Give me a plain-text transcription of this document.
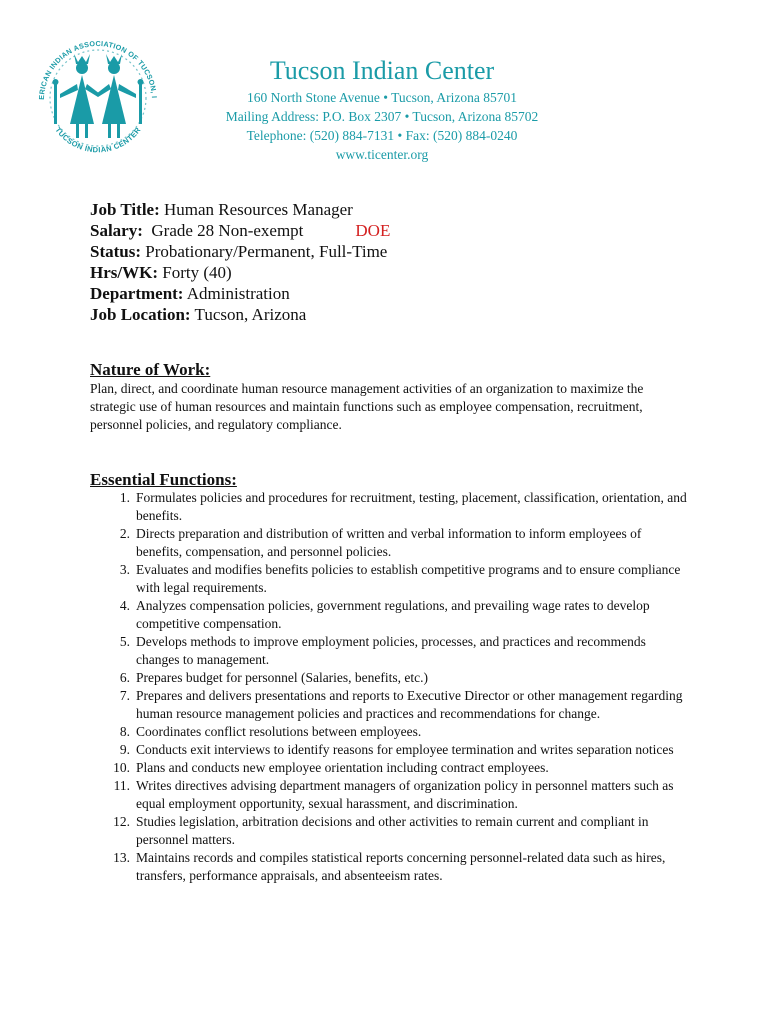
ERICAN INDIAN ASSOCIATION OF TUCSON, I
TUCSON INDIAN CENTER
Tucson Indian Center
160 North Stone Avenue • Tucson, Arizona 85701
Mailing Address: P.O. Box 2307 • Tucson, Arizona 85702
Telephone: (520) 884-7131 • Fax: (520) 884-0240
www.ticenter.org
Job Title: Human Resources Manager
Salary:  Grade 28 Non-exempt	DOE
Status: Probationary/Permanent, Full-Time
Hrs/WK: Forty (40)
Department: Administration
Job Location: Tucson, Arizona
Nature of Work:
Plan, direct, and coordinate human resource management activities of an organization to maximize the strategic use of human resources and maintain functions such as employee compensation, recruitment, personnel policies, and regulatory compliance.
Essential Functions:
1. Formulates policies and procedures for recruitment, testing, placement, classification, orientation, and benefits.
2. Directs preparation and distribution of written and verbal information to inform employees of benefits, compensation, and personnel policies.
3. Evaluates and modifies benefits policies to establish competitive programs and to ensure compliance with legal requirements.
4. Analyzes compensation policies, government regulations, and prevailing wage rates to develop competitive compensation.
5. Develops methods to improve employment policies, processes, and practices and recommends changes to management.
6. Prepares budget for personnel (Salaries, benefits, etc.)
7. Prepares and delivers presentations and reports to Executive Director or other management regarding human resource management policies and practices and recommendations for change.
8. Coordinates conflict resolutions between employees.
9. Conducts exit interviews to identify reasons for employee termination and writes separation notices
10. Plans and conducts new employee orientation including contract employees.
11. Writes directives advising department managers of organization policy in personnel matters such as equal employment opportunity, sexual harassment, and discrimination.
12. Studies legislation, arbitration decisions and other activities to remain current and compliant in personnel matters.
13. Maintains records and compiles statistical reports concerning personnel-related data such as hires, transfers, performance appraisals, and absenteeism rates.
